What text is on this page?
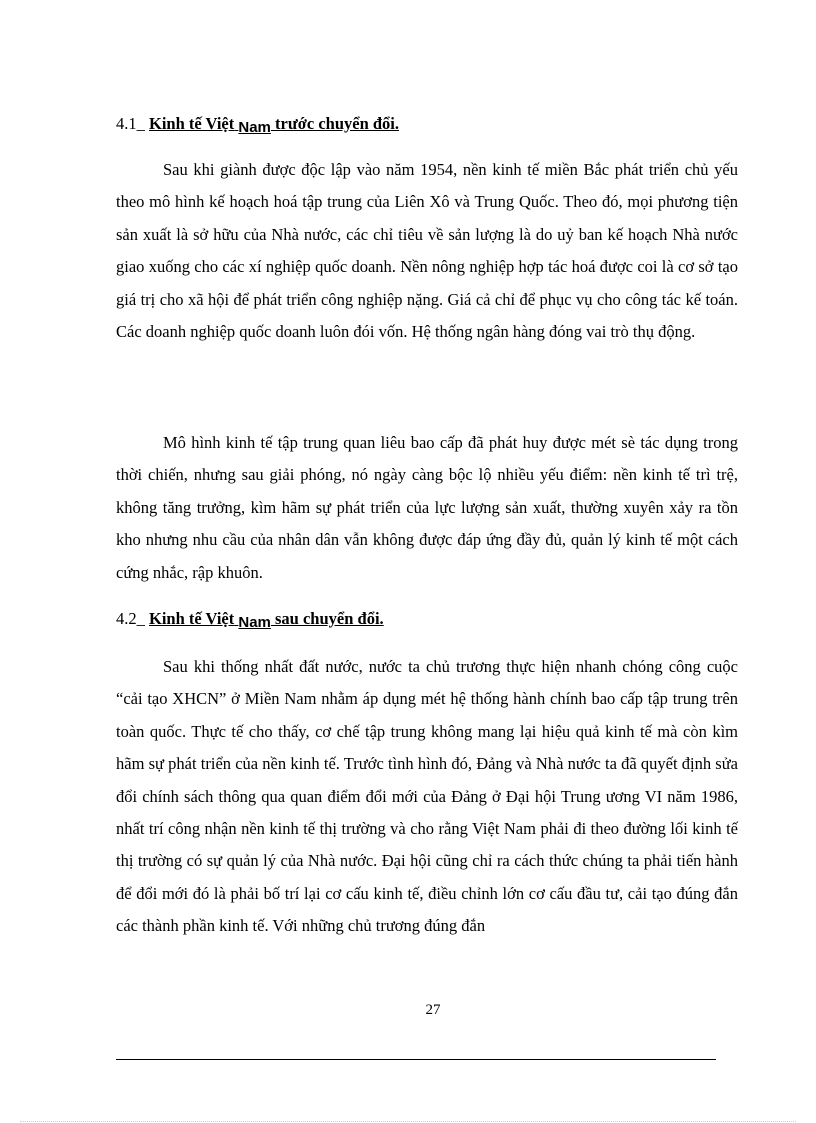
4.1_ Kinh tế Việt Nam trước chuyển đổi.

Sau khi giành được độc lập vào năm 1954, nền kinh tế miền Bắc phát triển chủ yếu theo mô hình kế hoạch hoá tập trung của Liên Xô và Trung Quốc. Theo đó, mọi phương tiện sản xuất là sở hữu của Nhà nước, các chỉ tiêu về sản lượng là do uỷ ban kế hoạch Nhà nước giao xuống cho các xí nghiệp quốc doanh. Nền nông nghiệp hợp tác hoá được coi là cơ sở tạo giá trị cho xã hội để phát triển công nghiệp nặng. Giá cả chỉ để phục vụ cho công tác kế toán. Các doanh nghiệp quốc doanh luôn đói vốn. Hệ thống ngân hàng đóng vai trò thụ động.

Mô hình kinh tế tập trung quan liêu bao cấp đã phát huy được mét sè tác dụng trong thời chiến, nhưng sau giải phóng, nó ngày càng bộc lộ nhiều yếu điểm: nền kinh tế trì trệ, không tăng trưởng, kìm hãm sự phát triển của lực lượng sản xuất, thường xuyên xảy ra tồn kho nhưng nhu cầu của nhân dân vẫn không được đáp ứng đầy đủ, quản lý kinh tế một cách cứng nhắc, rập khuôn.

4.2_ Kinh tế Việt Nam sau chuyển đổi.

Sau khi thống nhất đất nước, nước ta chủ trương thực hiện nhanh chóng công cuộc “cải tạo XHCN” ở Miền Nam nhằm áp dụng mét hệ thống hành chính bao cấp tập trung trên toàn quốc. Thực tế cho thấy, cơ chế tập trung không mang lại hiệu quả kinh tế mà còn kìm hãm sự phát triển của nền kinh tế. Trước tình hình đó, Đảng và Nhà nước ta đã quyết định sửa đổi chính sách thông qua quan điểm đổi mới của Đảng ở Đại hội Trung ương VI năm 1986, nhất trí công nhận nền kinh tế thị trường và cho rằng Việt Nam phải đi theo đường lối kinh tế thị trường có sự quản lý của Nhà nước. Đại hội cũng chỉ ra cách thức chúng ta phải tiến hành để đổi mới đó là phải bố trí lại cơ cấu kinh tế, điều chỉnh lớn cơ cấu đầu tư, cải tạo đúng đắn các thành phần kinh tế. Với những chủ trương đúng đắn

27
